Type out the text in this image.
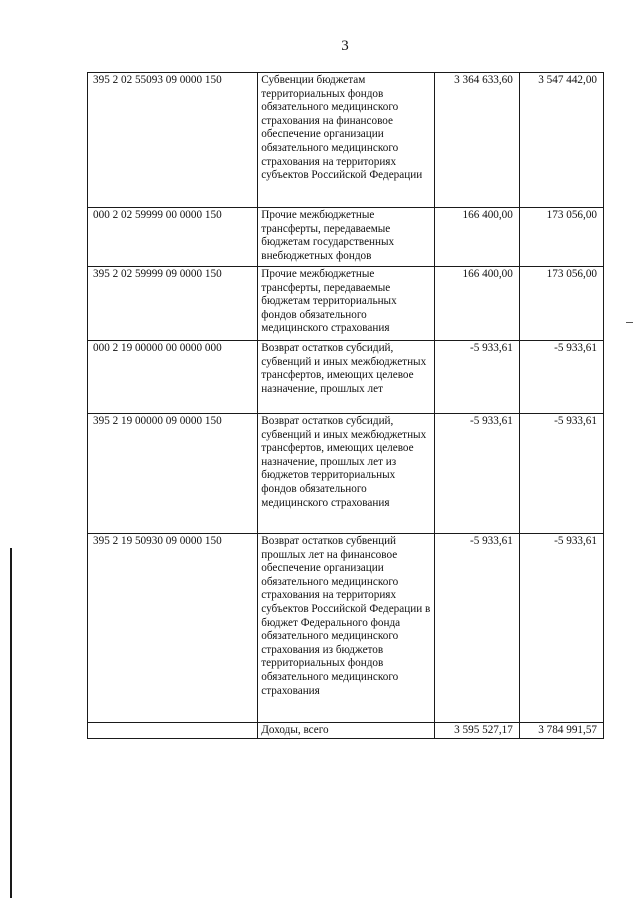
3
395 2 02 55093 09 0000 150	Субвенции бюджетам территориальных фондов обязательного медицинского страхования на финансовое обеспечение организации обязательного медицинского страхования на территориях субъектов Российской Федерации	3 364 633,60	3 547 442,00
000 2 02 59999 00 0000 150	Прочие межбюджетные трансферты, передаваемые бюджетам государственных внебюджетных фондов	166 400,00	173 056,00
395 2 02 59999 09 0000 150	Прочие межбюджетные трансферты, передаваемые бюджетам территориальных фондов обязательного медицинского страхования	166 400,00	173 056,00
000 2 19 00000 00 0000 000	Возврат остатков субсидий, субвенций и иных межбюджетных трансфертов, имеющих целевое назначение, прошлых лет	-5 933,61	-5 933,61
395 2 19 00000 09 0000 150	Возврат остатков субсидий, субвенций и иных межбюджетных трансфертов, имеющих целевое назначение, прошлых лет из бюджетов территориальных фондов обязательного медицинского страхования	-5 933,61	-5 933,61
395 2 19 50930 09 0000 150	Возврат остатков субвенций прошлых лет на финансовое обеспечение организации обязательного медицинского страхования на территориях субъектов Российской Федерации в бюджет Федерального фонда обязательного медицинского страхования из бюджетов территориальных фондов обязательного медицинского страхования	-5 933,61	-5 933,61
	Доходы, всего	3 595 527,17	3 784 991,57
